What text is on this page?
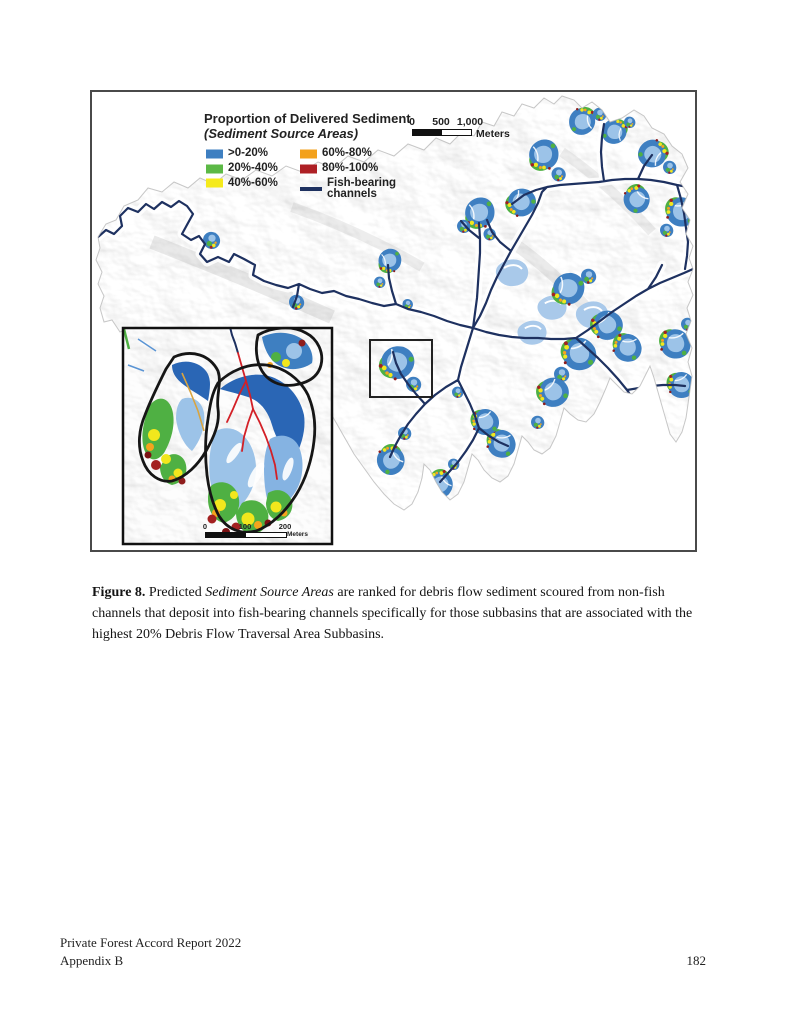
Proportion of Delivered Sediment
(Sediment Source Areas)
>0-20%
20%-40%
40%-60%
60%-80%
80%-100%
Fish-bearing channels
0 500 1,000
Meters
0	100	200
Meters

Figure 8. Predicted Sediment Source Areas are ranked for debris flow sediment scoured from non-fish channels that deposit into fish-bearing channels specifically for those subbasins that are associated with the highest 20% Debris Flow Traversal Area Subbasins.

Private Forest Accord Report 2022
Appendix B	182
